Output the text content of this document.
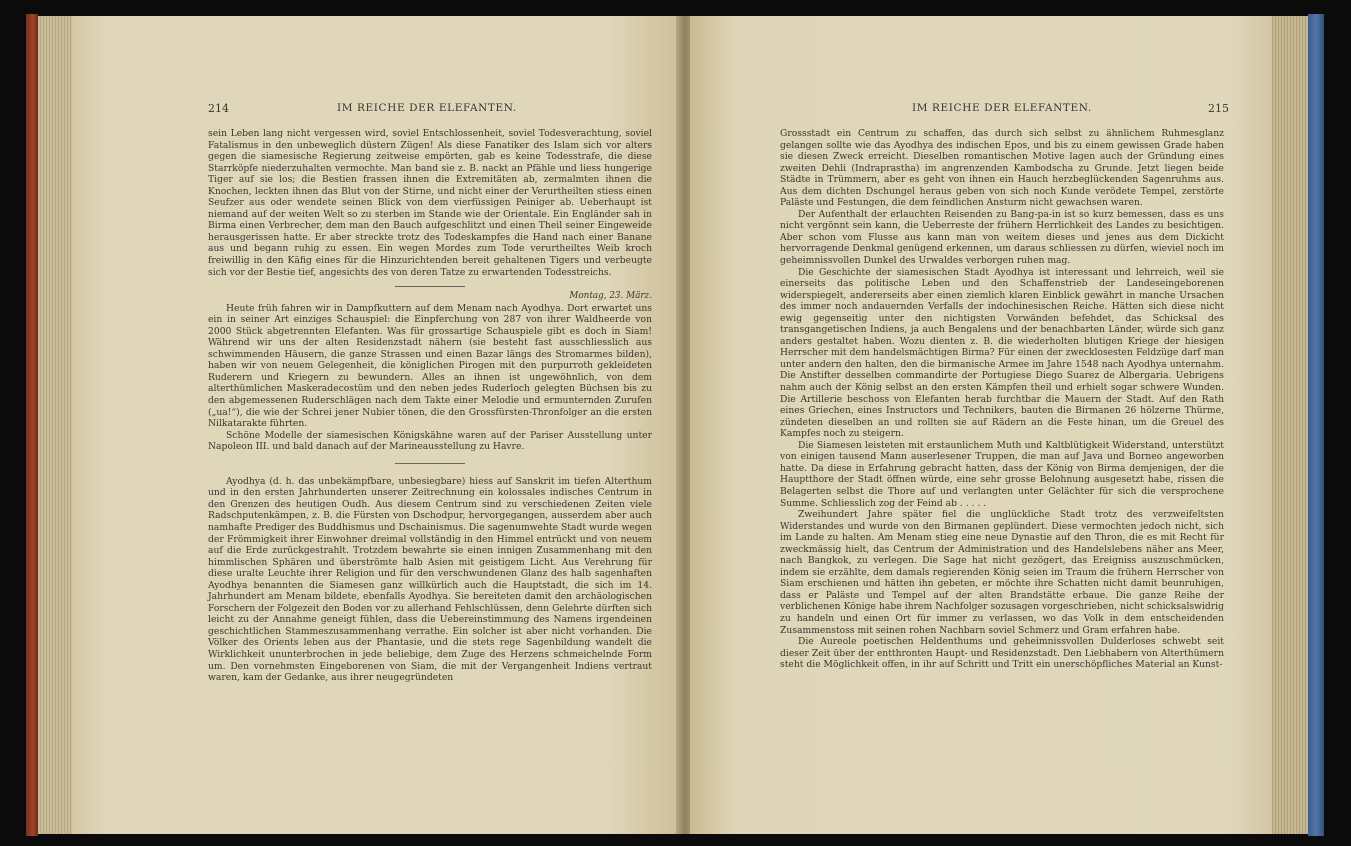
214	IM REICHE DER ELEFANTEN.

sein Leben lang nicht vergessen wird, soviel Entschlossenheit, soviel Todesverachtung, soviel Fatalismus in den unbeweglich düstern Zügen! Als diese Fanatiker des Islam sich vor alters gegen die siamesische Regierung zeitweise empörten, gab es keine Todesstrafe, die diese Starrköpfe niederzuhalten vermochte. Man band sie z. B. nackt an Pfähle und liess hungerige Tiger auf sie los; die Bestien frassen ihnen die Extremitäten ab, zermalmten ihnen die Knochen, leckten ihnen das Blut von der Stirne, und nicht einer der Verurtheilten stiess einen Seufzer aus oder wendete seinen Blick von dem vierfüssigen Peiniger ab. Ueberhaupt ist niemand auf der weiten Welt so zu sterben im Stande wie der Orientale. Ein Engländer sah in Birma einen Verbrecher, dem man den Bauch aufgeschlitzt und einen Theil seiner Eingeweide herausgerissen hatte. Er aber streckte trotz des Todeskampfes die Hand nach einer Banane aus und begann ruhig zu essen. Ein wegen Mordes zum Tode verurtheiltes Weib kroch freiwillig in den Käfig eines für die Hinzurichtenden bereit gehaltenen Tigers und verbeugte sich vor der Bestie tief, angesichts des von deren Tatze zu erwartenden Todesstreichs.

Montag, 23. März.

Heute früh fahren wir in Dampfkuttern auf dem Menam nach Ayodhya. Dort erwartet uns ein in seiner Art einziges Schauspiel: die Einpferchung von 287 von ihrer Waldheerde von 2000 Stück abgetrennten Elefanten. Was für grossartige Schauspiele gibt es doch in Siam! Während wir uns der alten Residenzstadt nähern (sie besteht fast ausschliesslich aus schwimmenden Häusern, die ganze Strassen und einen Bazar längs des Stromarmes bilden), haben wir von neuem Gelegenheit, die königlichen Pirogen mit den purpurroth gekleideten Ruderern und Kriegern zu bewundern. Alles an ihnen ist ungewöhnlich, von dem alterthümlichen Maskeradecostüm und den neben jedes Ruderloch gelegten Büchsen bis zu den abgemessenen Ruderschlägen nach dem Takte einer Melodie und ermunternden Zurufen („ua!“), die wie der Schrei jener Nubier tönen, die den Grossfürsten-Thronfolger an die ersten Nilkatarakte führten.

Schöne Modelle der siamesischen Königskähne waren auf der Pariser Ausstellung unter Napoleon III. und bald danach auf der Marineausstellung zu Havre.

Ayodhya (d. h. das unbekämpfbare, unbesiegbare) hiess auf Sanskrit im tiefen Alterthum und in den ersten Jahrhunderten unserer Zeitrechnung ein kolossales indisches Centrum in den Grenzen des heutigen Oudh. Aus diesem Centrum sind zu verschiedenen Zeiten viele Radschputenkämpen, z. B. die Fürsten von Dschodpur, hervorgegangen, ausserdem aber auch namhafte Prediger des Buddhismus und Dschainismus. Die sagenumwehte Stadt wurde wegen der Frömmigkeit ihrer Einwohner dreimal vollständig in den Himmel entrückt und von neuem auf die Erde zurückgestrahlt. Trotzdem bewahrte sie einen innigen Zusammenhang mit den himmlischen Sphären und überströmte halb Asien mit geistigem Licht. Aus Verehrung für diese uralte Leuchte ihrer Religion und für den verschwundenen Glanz des halb sagenhaften Ayodhya benannten die Siamesen ganz willkürlich auch die Hauptstadt, die sich im 14. Jahrhundert am Menam bildete, ebenfalls Ayodhya. Sie bereiteten damit den archäologischen Forschern der Folgezeit den Boden vor zu allerhand Fehlschlüssen, denn Gelehrte dürften sich leicht zu der Annahme geneigt fühlen, dass die Uebereinstimmung des Namens irgendeinen geschichtlichen Stammeszusammenhang verrathe. Ein solcher ist aber nicht vorhanden. Die Völker des Orients leben aus der Phantasie, und die stets rege Sagenbildung wandelt die Wirklichkeit ununterbrochen in jede beliebige, dem Zuge des Herzens schmeichelnde Form um. Den vornehmsten Eingeborenen von Siam, die mit der Vergangenheit Indiens vertraut waren, kam der Gedanke, aus ihrer neugegründeten

IM REICHE DER ELEFANTEN.	215

Grossstadt ein Centrum zu schaffen, das durch sich selbst zu ähnlichem Ruhmesglanz gelangen sollte wie das Ayodhya des indischen Epos, und bis zu einem gewissen Grade haben sie diesen Zweck erreicht. Dieselben romantischen Motive lagen auch der Gründung eines zweiten Dehli (Indraprastha) im angrenzenden Kambodscha zu Grunde. Jetzt liegen beide Städte in Trümmern, aber es geht von ihnen ein Hauch herzbeglückenden Sagenruhms aus. Aus dem dichten Dschungel heraus geben von sich noch Kunde verödete Tempel, zerstörte Paläste und Festungen, die dem feindlichen Ansturm nicht gewachsen waren.

Der Aufenthalt der erlauchten Reisenden zu Bang-pa-in ist so kurz bemessen, dass es uns nicht vergönnt sein kann, die Ueberreste der frühern Herrlichkeit des Landes zu besichtigen. Aber schon vom Flusse aus kann man von weitem dieses und jenes aus dem Dickicht hervorragende Denkmal genügend erkennen, um daraus schliessen zu dürfen, wieviel noch im geheimnissvollen Dunkel des Urwaldes verborgen ruhen mag.

Die Geschichte der siamesischen Stadt Ayodhya ist interessant und lehrreich, weil sie einerseits das politische Leben und den Schaffenstrieb der Landeseingeborenen widerspiegelt, andererseits aber einen ziemlich klaren Einblick gewährt in manche Ursachen des immer noch andauernden Verfalls der indochinesischen Reiche. Hätten sich diese nicht ewig gegenseitig unter den nichtigsten Vorwänden befehdet, das Schicksal des transgangetischen Indiens, ja auch Bengalens und der benachbarten Länder, würde sich ganz anders gestaltet haben. Wozu dienten z. B. die wiederholten blutigen Kriege der hiesigen Herrscher mit dem handelsmächtigen Birma? Für einen der zwecklosesten Feldzüge darf man unter andern den halten, den die birmanische Armee im Jahre 1548 nach Ayodhya unternahm. Die Anstifter desselben commandirte der Portugiese Diego Suarez de Albergaria. Uebrigens nahm auch der König selbst an den ersten Kämpfen theil und erhielt sogar schwere Wunden. Die Artillerie beschoss von Elefanten herab furchtbar die Mauern der Stadt. Auf den Rath eines Griechen, eines Instructors und Technikers, bauten die Birmanen 26 hölzerne Thürme, zündeten dieselben an und rollten sie auf Rädern an die Feste hinan, um die Greuel des Kampfes noch zu steigern.

Die Siamesen leisteten mit erstaunlichem Muth und Kaltblütigkeit Widerstand, unterstützt von einigen tausend Mann auserlesener Truppen, die man auf Java und Borneo angeworben hatte. Da diese in Erfahrung gebracht hatten, dass der König von Birma demjenigen, der die Hauptthore der Stadt öffnen würde, eine sehr grosse Belohnung ausgesetzt habe, rissen die Belagerten selbst die Thore auf und verlangten unter Gelächter für sich die versprochene Summe. Schliesslich zog der Feind ab . . . . .

Zweihundert Jahre später fiel die unglückliche Stadt trotz des verzweifeltsten Widerstandes und wurde von den Birmanen geplündert. Diese vermochten jedoch nicht, sich im Lande zu halten. Am Menam stieg eine neue Dynastie auf den Thron, die es mit Recht für zweckmässig hielt, das Centrum der Administration und des Handelslebens näher ans Meer, nach Bangkok, zu verlegen. Die Sage hat nicht gezögert, das Ereigniss auszuschmücken, indem sie erzählte, dem damals regierenden König seien im Traum die frühern Herrscher von Siam erschienen und hätten ihn gebeten, er möchte ihre Schatten nicht damit beunruhigen, dass er Paläste und Tempel auf der alten Brandstätte erbaue. Die ganze Reihe der verblichenen Könige habe ihrem Nachfolger sozusagen vorgeschrieben, nicht schicksalswidrig zu handeln und einen Ort für immer zu verlassen, wo das Volk in dem entscheidenden Zusammenstoss mit seinen rohen Nachbarn soviel Schmerz und Gram erfahren habe.

Die Aureole poetischen Heldenthums und geheimnissvollen Dulderloses schwebt seit dieser Zeit über der entthronten Haupt- und Residenzstadt. Den Liebhabern von Alterthümern steht die Möglichkeit offen, in ihr auf Schritt und Tritt ein unerschöpfliches Material an Kunst-
